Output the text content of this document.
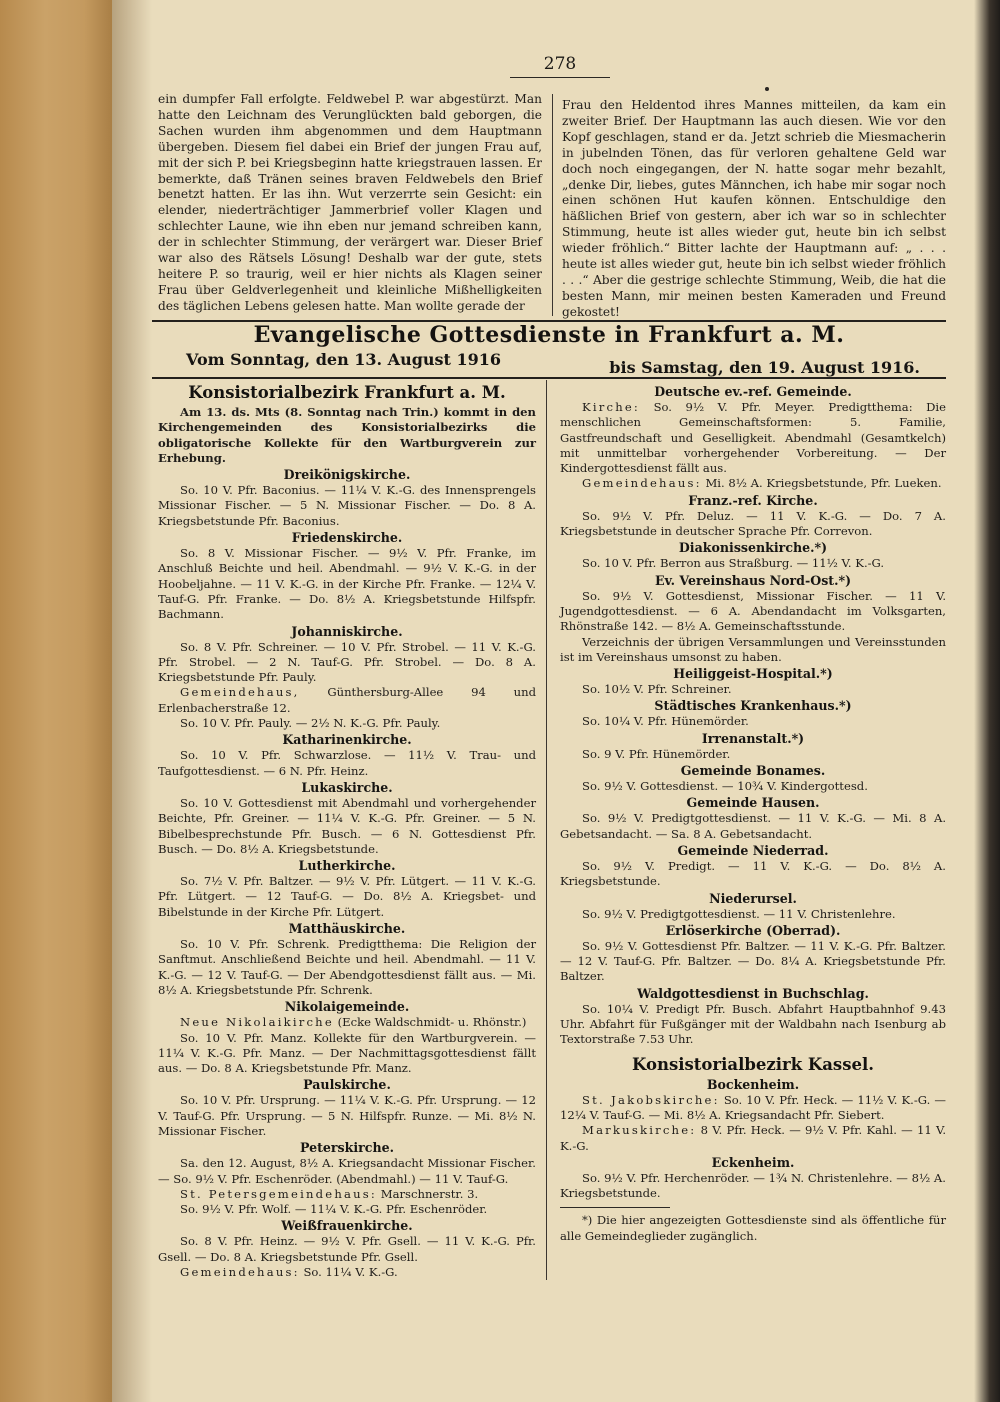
278

ein dumpfer Fall erfolgte. Feldwebel P. war abgestürzt. Man hatte den Leichnam des Verunglückten bald geborgen, die Sachen wurden ihm abgenommen und dem Hauptmann übergeben. Diesem fiel dabei ein Brief der jungen Frau auf, mit der sich P. bei Kriegsbeginn hatte kriegstrauen lassen. Er bemerkte, daß Tränen seines braven Feldwebels den Brief benetzt hatten. Er las ihn. Wut verzerrte sein Gesicht: ein elender, niederträchtiger Jammerbrief voller Klagen und schlechter Laune, wie ihn eben nur jemand schreiben kann, der in schlechter Stimmung, der verärgert war. Dieser Brief war also des Rätsels Lösung! Deshalb war der gute, stets heitere P. so traurig, weil er hier nichts als Klagen seiner Frau über Geldverlegenheit und kleinliche Mißhelligkeiten des täglichen Lebens gelesen hatte. Man wollte gerade der

Frau den Heldentod ihres Mannes mitteilen, da kam ein zweiter Brief. Der Hauptmann las auch diesen. Wie vor den Kopf geschlagen, stand er da. Jetzt schrieb die Miesmacherin in jubelnden Tönen, das für verloren gehaltene Geld war doch noch eingegangen, der N. hatte sogar mehr bezahlt, „denke Dir, liebes, gutes Männchen, ich habe mir sogar noch einen schönen Hut kaufen können. Entschuldige den häßlichen Brief von gestern, aber ich war so in schlechter Stimmung, heute ist alles wieder gut, heute bin ich selbst wieder fröhlich.“ Bitter lachte der Hauptmann auf: „ . . . heute ist alles wieder gut, heute bin ich selbst wieder fröhlich . . .“ Aber die gestrige schlechte Stimmung, Weib, die hat die besten Mann, mir meinen besten Kameraden und Freund gekostet!

Evangelische Gottesdienste in Frankfurt a. M.
Vom Sonntag, den 13. August 1916	bis Samstag, den 19. August 1916.
Konsistorialbezirk Frankfurt a. M.

Am 13. ds. Mts (8. Sonntag nach Trin.) kommt in den Kirchengemeinden des Konsistorialbezirks die obligatorische Kollekte für den Wartburgverein zur Erhebung.

Dreikönigskirche.

So. 10 V. Pfr. Baconius. — 11¼ V. K.-G. des Innensprengels Missionar Fischer. — 5 N. Missionar Fischer. — Do. 8 A. Kriegsbetstunde Pfr. Baconius.

Friedenskirche.

So. 8 V. Missionar Fischer. — 9½ V. Pfr. Franke, im Anschluß Beichte und heil. Abendmahl. — 9½ V. K.-G. in der Hoobeljahne. — 11 V. K.-G. in der Kirche Pfr. Franke. — 12¼ V. Tauf-G. Pfr. Franke. — Do. 8½ A. Kriegsbetstunde Hilfspfr. Bachmann.

Johanniskirche.

So. 8 V. Pfr. Schreiner. — 10 V. Pfr. Strobel. — 11 V. K.-G. Pfr. Strobel. — 2 N. Tauf-G. Pfr. Strobel. — Do. 8 A. Kriegsbetstunde Pfr. Pauly.

Gemeindehaus, Günthersburg-Allee 94 und Erlenbacherstraße 12.

So. 10 V. Pfr. Pauly. — 2½ N. K.-G. Pfr. Pauly.

Katharinenkirche.

So. 10 V. Pfr. Schwarzlose. — 11½ V. Trau- und Taufgottesdienst. — 6 N. Pfr. Heinz.

Lukaskirche.

So. 10 V. Gottesdienst mit Abendmahl und vorhergehender Beichte, Pfr. Greiner. — 11¼ V. K.-G. Pfr. Greiner. — 5 N. Bibelbesprechstunde Pfr. Busch. — 6 N. Gottesdienst Pfr. Busch. — Do. 8½ A. Kriegsbetstunde.

Lutherkirche.

So. 7½ V. Pfr. Baltzer. — 9½ V. Pfr. Lütgert. — 11 V. K.-G. Pfr. Lütgert. — 12 Tauf-G. — Do. 8½ A. Kriegsbet- und Bibelstunde in der Kirche Pfr. Lütgert.

Matthäuskirche.

So. 10 V. Pfr. Schrenk. Predigtthema: Die Religion der Sanftmut. Anschließend Beichte und heil. Abendmahl. — 11 V. K.-G. — 12 V. Tauf-G. — Der Abendgottesdienst fällt aus. — Mi. 8½ A. Kriegsbetstunde Pfr. Schrenk.

Nikolaigemeinde.

Neue Nikolaikirche (Ecke Waldschmidt- u. Rhönstr.)

So. 10 V. Pfr. Manz. Kollekte für den Wartburgverein. — 11¼ V. K.-G. Pfr. Manz. — Der Nachmittagsgottesdienst fällt aus. — Do. 8 A. Kriegsbetstunde Pfr. Manz.

Paulskirche.

So. 10 V. Pfr. Ursprung. — 11¼ V. K.-G. Pfr. Ursprung. — 12 V. Tauf-G. Pfr. Ursprung. — 5 N. Hilfspfr. Runze. — Mi. 8½ N. Missionar Fischer.

Peterskirche.

Sa. den 12. August, 8½ A. Kriegsandacht Missionar Fischer. — So. 9½ V. Pfr. Eschenröder. (Abendmahl.) — 11 V. Tauf-G.

St. Petersgemeindehaus: Marschnerstr. 3.

So. 9½ V. Pfr. Wolf. — 11¼ V. K.-G. Pfr. Eschenröder.

Weißfrauenkirche.

So. 8 V. Pfr. Heinz. — 9½ V. Pfr. Gsell. — 11 V. K.-G. Pfr. Gsell. — Do. 8 A. Kriegsbetstunde Pfr. Gsell.

Gemeindehaus: So. 11¼ V. K.-G.

Deutsche ev.-ref. Gemeinde.

Kirche: So. 9½ V. Pfr. Meyer. Predigtthema: Die menschlichen Gemeinschaftsformen: 5. Familie, Gastfreundschaft und Geselligkeit. Abendmahl (Gesamtkelch) mit unmittelbar vorhergehender Vorbereitung. — Der Kindergottesdienst fällt aus.

Gemeindehaus: Mi. 8½ A. Kriegsbetstunde, Pfr. Lueken.

Franz.-ref. Kirche.

So. 9½ V. Pfr. Deluz. — 11 V. K.-G. — Do. 7 A. Kriegsbetstunde in deutscher Sprache Pfr. Correvon.

Diakonissenkirche.*)

So. 10 V. Pfr. Berron aus Straßburg. — 11½ V. K.-G.

Ev. Vereinshaus Nord-Ost.*)

So. 9½ V. Gottesdienst, Missionar Fischer. — 11 V. Jugendgottesdienst. — 6 A. Abendandacht im Volksgarten, Rhönstraße 142. — 8½ A. Gemeinschaftsstunde.

Verzeichnis der übrigen Versammlungen und Vereinsstunden ist im Vereinshaus umsonst zu haben.

Heiliggeist-Hospital.*)

So. 10½ V. Pfr. Schreiner.

Städtisches Krankenhaus.*)

So. 10¼ V. Pfr. Hünemörder.

Irrenanstalt.*)

So. 9 V. Pfr. Hünemörder.

Gemeinde Bonames.

So. 9½ V. Gottesdienst. — 10¾ V. Kindergottesd.

Gemeinde Hausen.

So. 9½ V. Predigtgottesdienst. — 11 V. K.-G. — Mi. 8 A. Gebetsandacht. — Sa. 8 A. Gebetsandacht.

Gemeinde Niederrad.

So. 9½ V. Predigt. — 11 V. K.-G. — Do. 8½ A. Kriegsbetstunde.

Niederursel.

So. 9½ V. Predigtgottesdienst. — 11 V. Christenlehre.

Erlöserkirche (Oberrad).

So. 9½ V. Gottesdienst Pfr. Baltzer. — 11 V. K.-G. Pfr. Baltzer. — 12 V. Tauf-G. Pfr. Baltzer. — Do. 8¼ A. Kriegsbetstunde Pfr. Baltzer.

Waldgottesdienst in Buchschlag.

So. 10¼ V. Predigt Pfr. Busch. Abfahrt Hauptbahnhof 9.43 Uhr. Abfahrt für Fußgänger mit der Waldbahn nach Isenburg ab Textorstraße 7.53 Uhr.

Konsistorialbezirk Kassel.
Bockenheim.

St. Jakobskirche: So. 10 V. Pfr. Heck. — 11½ V. K.-G. — 12¼ V. Tauf-G. — Mi. 8½ A. Kriegsandacht Pfr. Siebert.

Markuskirche: 8 V. Pfr. Heck. — 9½ V. Pfr. Kahl. — 11 V. K.-G.

Eckenheim.

So. 9½ V. Pfr. Herchenröder. — 1¾ N. Christenlehre. — 8½ A. Kriegsbetstunde.

*) Die hier angezeigten Gottesdienste sind als öffentliche für alle Gemeindeglieder zugänglich.
